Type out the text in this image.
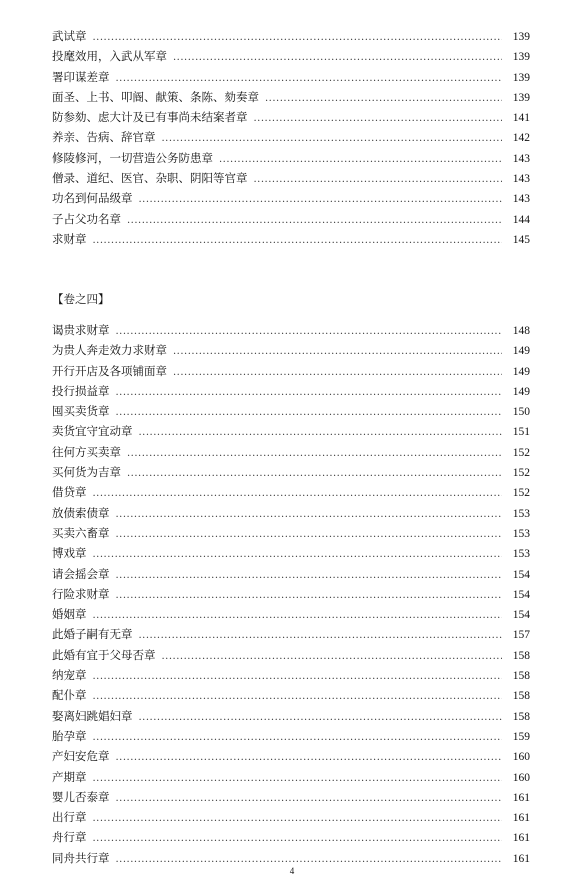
武试章 .....	139
投麾效用，入武从军章 .....	139
署印谋差章 .....	139
面圣、上书、叩阍、献策、条陈、劾奏章 .....	139
防参劾、虑大计及已有事尚未结案者章 .....	141
养亲、告病、辞官章 .....	142
修陵修河，一切营造公务防患章 .....	143
僧录、道纪、医官、杂职、阴阳等官章 .....	143
功名到何品级章 .....	143
子占父功名章 .....	144
求财章 .....	145
【卷之四】
谒贵求财章 .....	148
为贵人奔走效力求财章 .....	149
开行开店及各项铺面章 .....	149
投行损益章 .....	149
囤买卖货章 .....	150
卖货宜守宜动章 .....	151
往何方买卖章 .....	152
买何货为吉章 .....	152
借贷章 .....	152
放债索债章 .....	153
买卖六畜章 .....	153
博戏章 .....	153
请会摇会章 .....	154
行险求财章 .....	154
婚姻章 .....	154
此婚子嗣有无章 .....	157
此婚有宜于父母否章 .....	158
纳宠章 .....	158
配仆章 .....	158
娶离妇跳娼妇章 .....	158
胎孕章 .....	159
产妇安危章 .....	160
产期章 .....	160
婴儿否泰章 .....	161
出行章 .....	161
舟行章 .....	161
同舟共行章 .....	161
4
